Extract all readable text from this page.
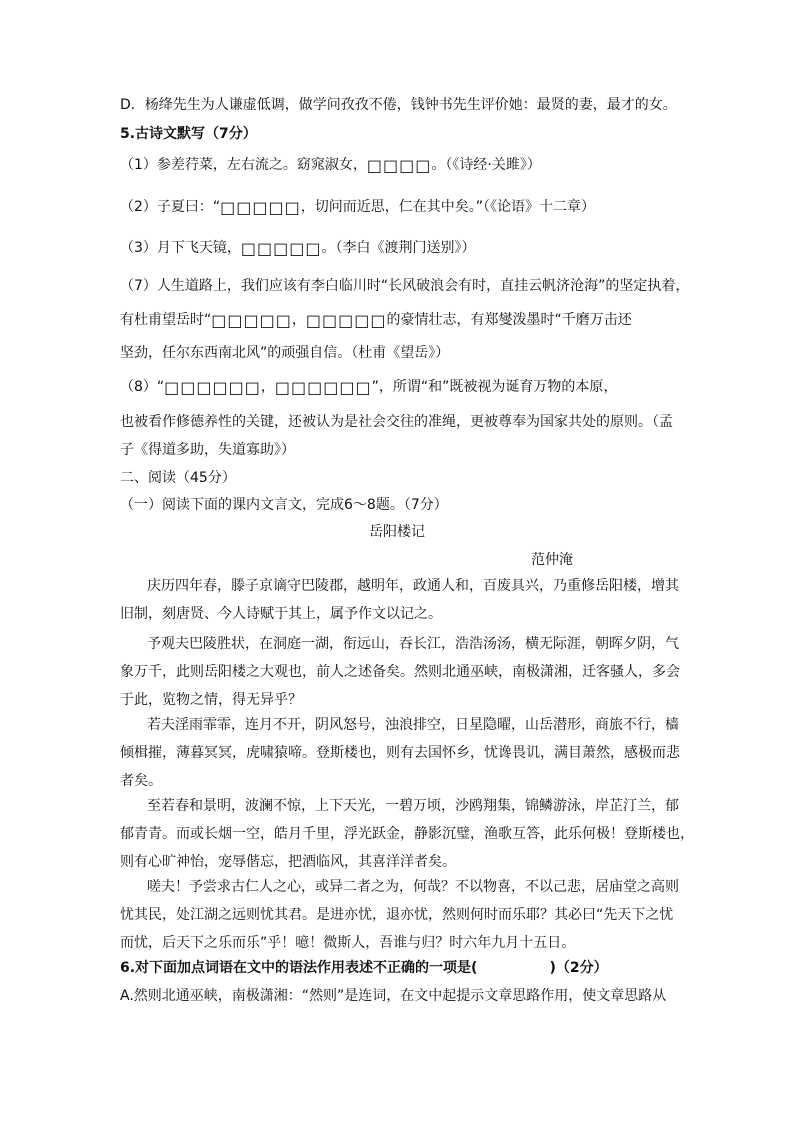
D．杨绛先生为人谦虚低调，做学问孜孜不倦，钱钟书先生评价她：最贤的妻，最才的女。
5.古诗文默写（7分）
（1）参差荇菜，左右流之。窈窕淑女，□□□□。（《诗经·关雎》）
（2）子夏曰：“□□□□□，切问而近思，仁在其中矣。”（《论语》十二章）
（3）月下飞天镜，□□□□□。（李白《渡荆门送别》）
（7）人生道路上，我们应该有李白临川时“长风破浪会有时，直挂云帆济沧海”的坚定执着，
有杜甫望岳时“□□□□□，□□□□□的豪情壮志，有郑燮泼墨时“千磨万击还
坚劲，任尔东西南北风”的顽强自信。（杜甫《望岳》）
（8）“□□□□□□，□□□□□□”，所谓“和”既被视为诞育万物的本原，
也被看作修德养性的关键，还被认为是社会交往的准绳，更被尊奉为国家共处的原则。（孟
子《得道多助，失道寡助》）
二、阅读（45分）
（一）阅读下面的课内文言文，完成6～8题。（7分）
岳阳楼记
范仲淹
庆历四年春，滕子京谪守巴陵郡，越明年，政通人和，百废具兴，乃重修岳阳楼，增其
旧制，刻唐贤、今人诗赋于其上，属予作文以记之。
予观夫巴陵胜状，在洞庭一湖，衔远山，吞长江，浩浩汤汤，横无际涯，朝晖夕阴，气
象万千，此则岳阳楼之大观也，前人之述备矣。然则北通巫峡，南极潇湘，迁客骚人，多会
于此，览物之情，得无异乎？
若夫淫雨霏霏，连月不开，阴风怒号，浊浪排空，日星隐曜，山岳潜形，商旅不行，樯
倾楫摧，薄暮冥冥，虎啸猿啼。登斯楼也，则有去国怀乡，忧谗畏讥，满目萧然，感极而悲
者矣。
至若春和景明，波澜不惊，上下天光，一碧万顷，沙鸥翔集，锦鳞游泳，岸芷汀兰，郁
郁青青。而或长烟一空，皓月千里，浮光跃金，静影沉璧，渔歌互答，此乐何极！登斯楼也，
则有心旷神怡，宠辱偕忘，把酒临风，其喜洋洋者矣。
嗟夫！予尝求古仁人之心，或异二者之为，何哉？不以物喜，不以己悲，居庙堂之高则
忧其民，处江湖之远则忧其君。是进亦忧，退亦忧，然则何时而乐耶？其必曰“先天下之忧
而忧，后天下之乐而乐”乎！噫！微斯人，吾谁与归？时六年九月十五日。
6.对下面加点词语在文中的语法作用表述不正确的一项是(	)（2分）
A.然则北通巫峡，南极潇湘：“然则”是连词，在文中起提示文章思路作用，使文章思路从
